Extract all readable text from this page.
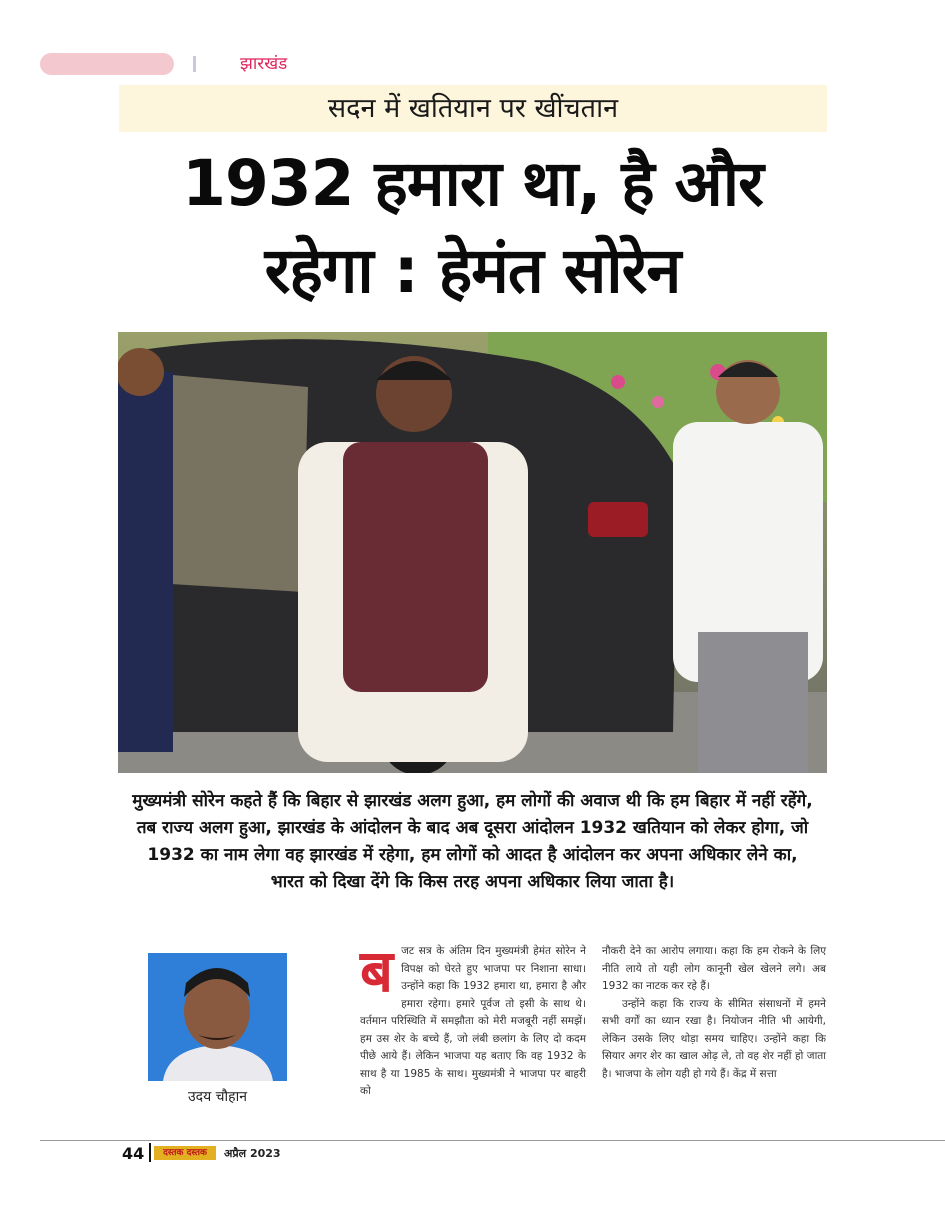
झारखंड
सदन में खतियान पर खींचतान
1932 हमारा था, है और
रहेगा : हेमंत सोरेन

मुख्यमंत्री सोरेन कहते हैं कि बिहार से झारखंड अलग हुआ, हम लोगों की अवाज थी कि हम बिहार में नहीं रहेंगे, तब राज्य अलग हुआ, झारखंड के आंदोलन के बाद अब दूसरा आंदोलन 1932 खतियान को लेकर होगा, जो 1932 का नाम लेगा वह झारखंड में रहेगा, हम लोगों को आदत है आंदोलन कर अपना अधिकार लेने का, भारत को दिखा देंगे कि किस तरह अपना अधिकार लिया जाता है।

उदय चौहान
ब जट सत्र के अंतिम दिन मुख्यमंत्री हेमंत सोरेन ने विपक्ष को घेरते हुए भाजपा पर निशाना साधा। उन्होंने कहा कि 1932 हमारा था, हमारा है और हमारा रहेगा। हमारे पूर्वज तो इसी के साथ थे। वर्तमान परिस्थिति में समझौता को मेरी मजबूरी नहीं समझें। हम उस शेर के बच्चे हैं, जो लंबी छलांग के लिए दो कदम पीछे आये हैं। लेकिन भाजपा यह बताए कि वह 1932 के साथ है या 1985 के साथ। मुख्यमंत्री ने भाजपा पर बाहरी को

नौकरी देने का आरोप लगाया। कहा कि हम रोकने के लिए नीति लाये तो यही लोग कानूनी खेल खेलने लगे। अब 1932 का नाटक कर रहे हैं।

उन्होंने कहा कि राज्य के सीमित संसाधनों में हमने सभी वर्गों का ध्यान रखा है। नियोजन नीति भी आयेगी, लेकिन उसके लिए थोड़ा समय चाहिए। उन्होंने कहा कि सियार अगर शेर का खाल ओढ़ ले, तो वह शेर नहीं हो जाता है। भाजपा के लोग यही हो गये हैं। केंद्र में सत्ता

44	दस्तक दस्तक	अप्रैल 2023
